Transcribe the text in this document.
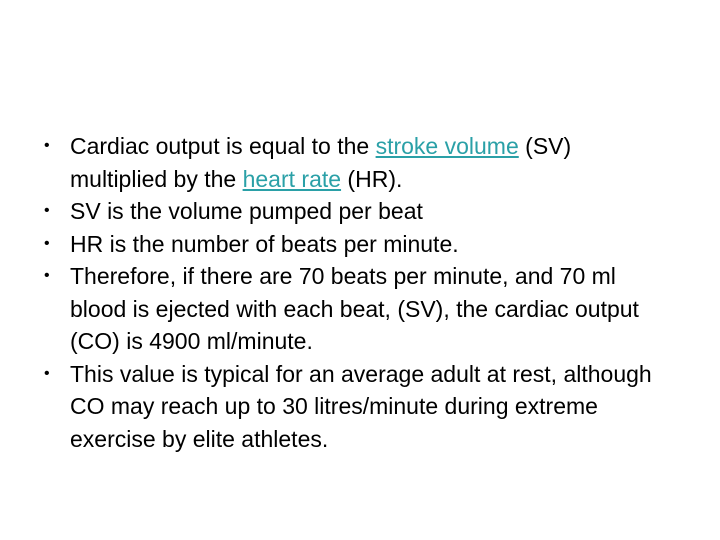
• Cardiac output is equal to the stroke volume (SV) multiplied by the heart rate (HR).
• SV is the volume pumped per beat
• HR is the number of beats per minute.
• Therefore, if there are 70 beats per minute, and 70 ml blood is ejected with each beat, (SV), the cardiac output (CO) is 4900 ml/minute.
• This value is typical for an average adult at rest, although CO may reach up to 30 litres/minute during extreme exercise by elite athletes.
